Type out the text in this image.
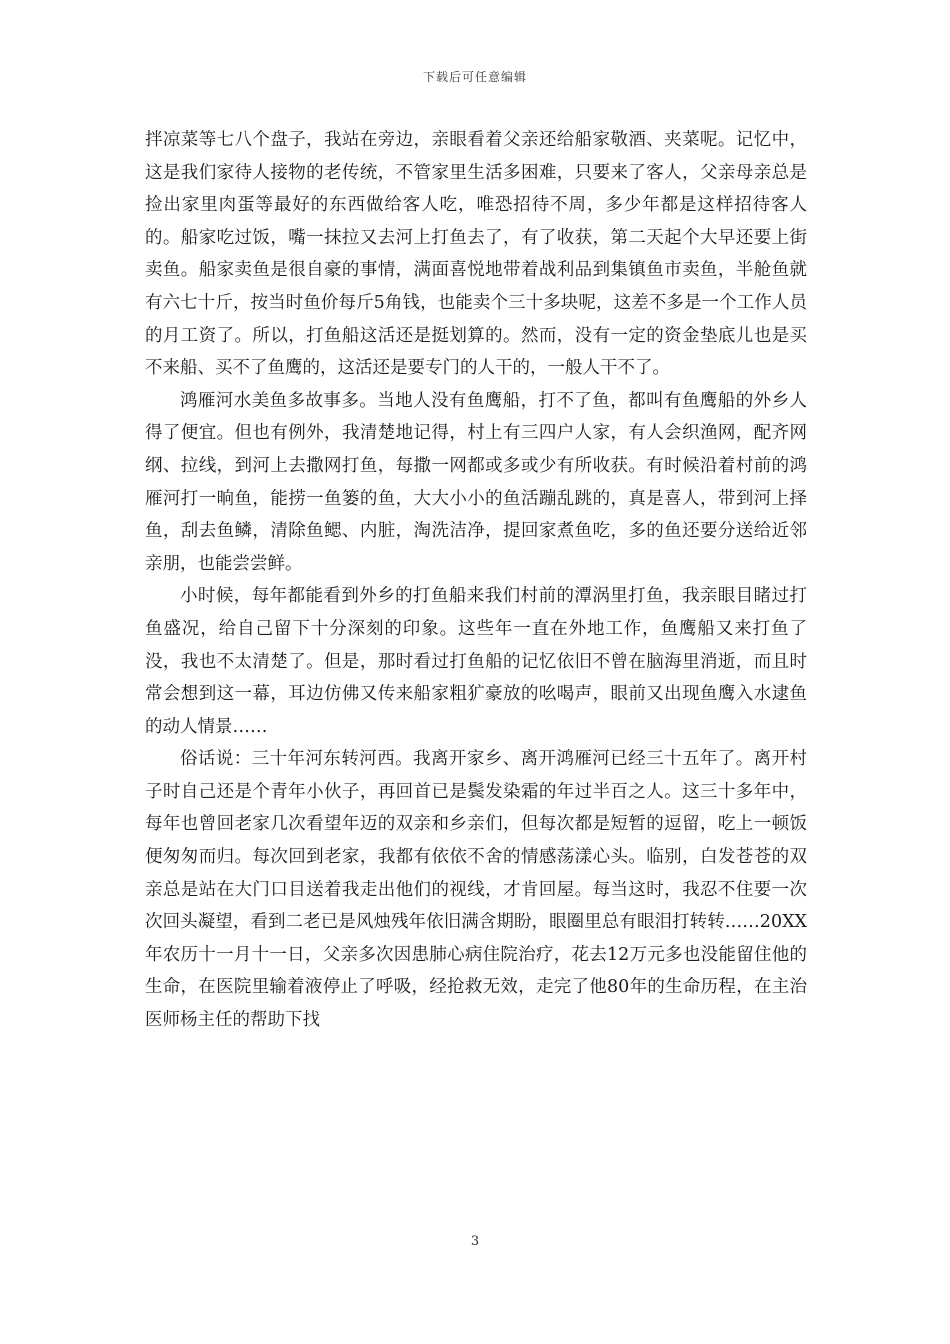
下载后可任意编辑

拌凉菜等七八个盘子，我站在旁边，亲眼看着父亲还给船家敬酒、夹菜呢。记忆中，这是我们家待人接物的老传统，不管家里生活多困难，只要来了客人，父亲母亲总是捡出家里肉蛋等最好的东西做给客人吃，唯恐招待不周，多少年都是这样招待客人的。船家吃过饭，嘴一抹拉又去河上打鱼去了，有了收获，第二天起个大早还要上街卖鱼。船家卖鱼是很自豪的事情，满面喜悦地带着战利品到集镇鱼市卖鱼，半舱鱼就有六七十斤，按当时鱼价每斤5角钱，也能卖个三十多块呢，这差不多是一个工作人员的月工资了。所以，打鱼船这活还是挺划算的。然而，没有一定的资金垫底儿也是买不来船、买不了鱼鹰的，这活还是要专门的人干的，一般人干不了。

鸿雁河水美鱼多故事多。当地人没有鱼鹰船，打不了鱼，都叫有鱼鹰船的外乡人得了便宜。但也有例外，我清楚地记得，村上有三四户人家，有人会织渔网，配齐网纲、拉线，到河上去撒网打鱼，每撒一网都或多或少有所收获。有时候沿着村前的鸿雁河打一晌鱼，能捞一鱼篓的鱼，大大小小的鱼活蹦乱跳的，真是喜人，带到河上择鱼，刮去鱼鳞，清除鱼鳃、内脏，淘洗洁净，提回家煮鱼吃，多的鱼还要分送给近邻亲朋，也能尝尝鲜。

小时候，每年都能看到外乡的打鱼船来我们村前的潭涡里打鱼，我亲眼目睹过打鱼盛况，给自己留下十分深刻的印象。这些年一直在外地工作，鱼鹰船又来打鱼了没，我也不太清楚了。但是，那时看过打鱼船的记忆依旧不曾在脑海里消逝，而且时常会想到这一幕，耳边仿佛又传来船家粗犷豪放的吆喝声，眼前又出现鱼鹰入水逮鱼的动人情景……

俗话说：三十年河东转河西。我离开家乡、离开鸿雁河已经三十五年了。离开村子时自己还是个青年小伙子，再回首已是鬓发染霜的年过半百之人。这三十多年中，每年也曾回老家几次看望年迈的双亲和乡亲们，但每次都是短暂的逗留，吃上一顿饭便匆匆而归。每次回到老家，我都有依依不舍的情感荡漾心头。临别，白发苍苍的双亲总是站在大门口目送着我走出他们的视线，才肯回屋。每当这时，我忍不住要一次次回头凝望，看到二老已是风烛残年依旧满含期盼，眼圈里总有眼泪打转转……20XX年农历十一月十一日，父亲多次因患肺心病住院治疗，花去12万元多也没能留住他的生命，在医院里输着液停止了呼吸，经抢救无效，走完了他80年的生命历程，在主治医师杨主任的帮助下找

3
